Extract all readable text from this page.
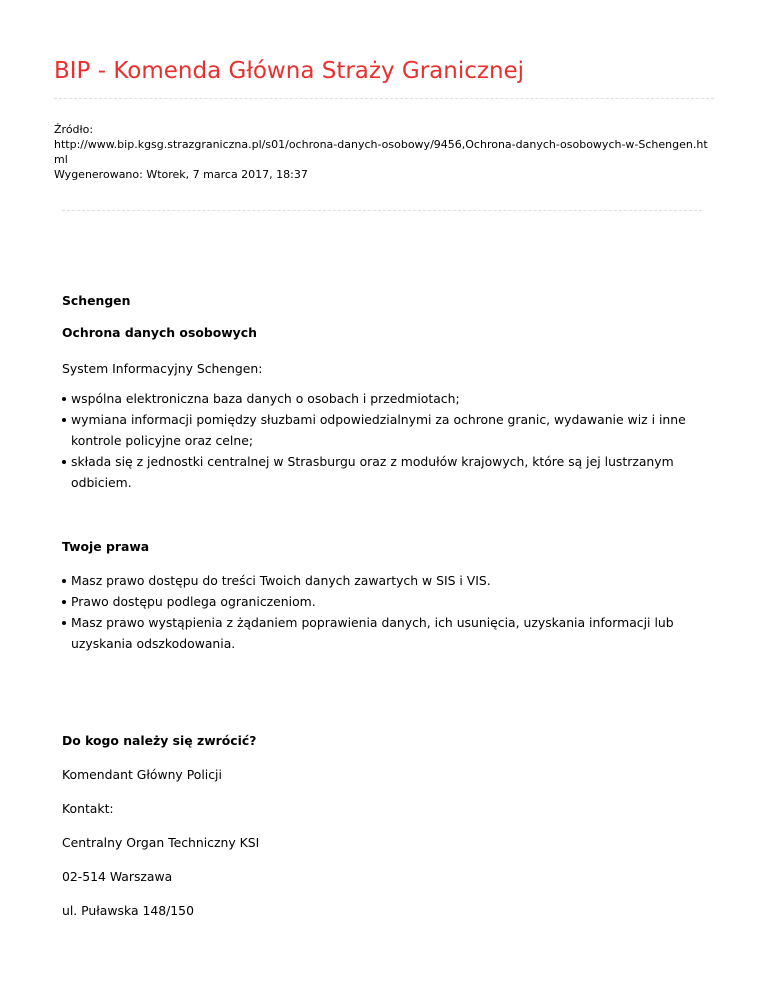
BIP - Komenda Główna Straży Granicznej
Źródło:
http://www.bip.kgsg.strazgraniczna.pl/s01/ochrona-danych-osobowy/9456,Ochrona-danych-osobowych-w-Schengen.html
Wygenerowano: Wtorek, 7 marca 2017, 18:37
Schengen
Ochrona danych osobowych
System Informacyjny Schengen:
wspólna elektroniczna baza danych o osobach i przedmiotach;
wymiana informacji pomiędzy słuzbami odpowiedzialnymi za ochrone granic, wydawanie wiz i inne kontrole policyjne oraz celne;
składa się z jednostki centralnej w Strasburgu oraz z modułów krajowych, które są jej lustrzanym odbiciem.
Twoje prawa
Masz prawo dostępu do treści Twoich danych zawartych w SIS i VIS.
Prawo dostępu podlega ograniczeniom.
Masz prawo wystąpienia z żądaniem poprawienia danych, ich usunięcia, uzyskania informacji lub uzyskania odszkodowania.
Do kogo należy się zwrócić?
Komendant Główny Policji
Kontakt:
Centralny Organ Techniczny KSI
02-514 Warszawa
ul. Puławska 148/150
